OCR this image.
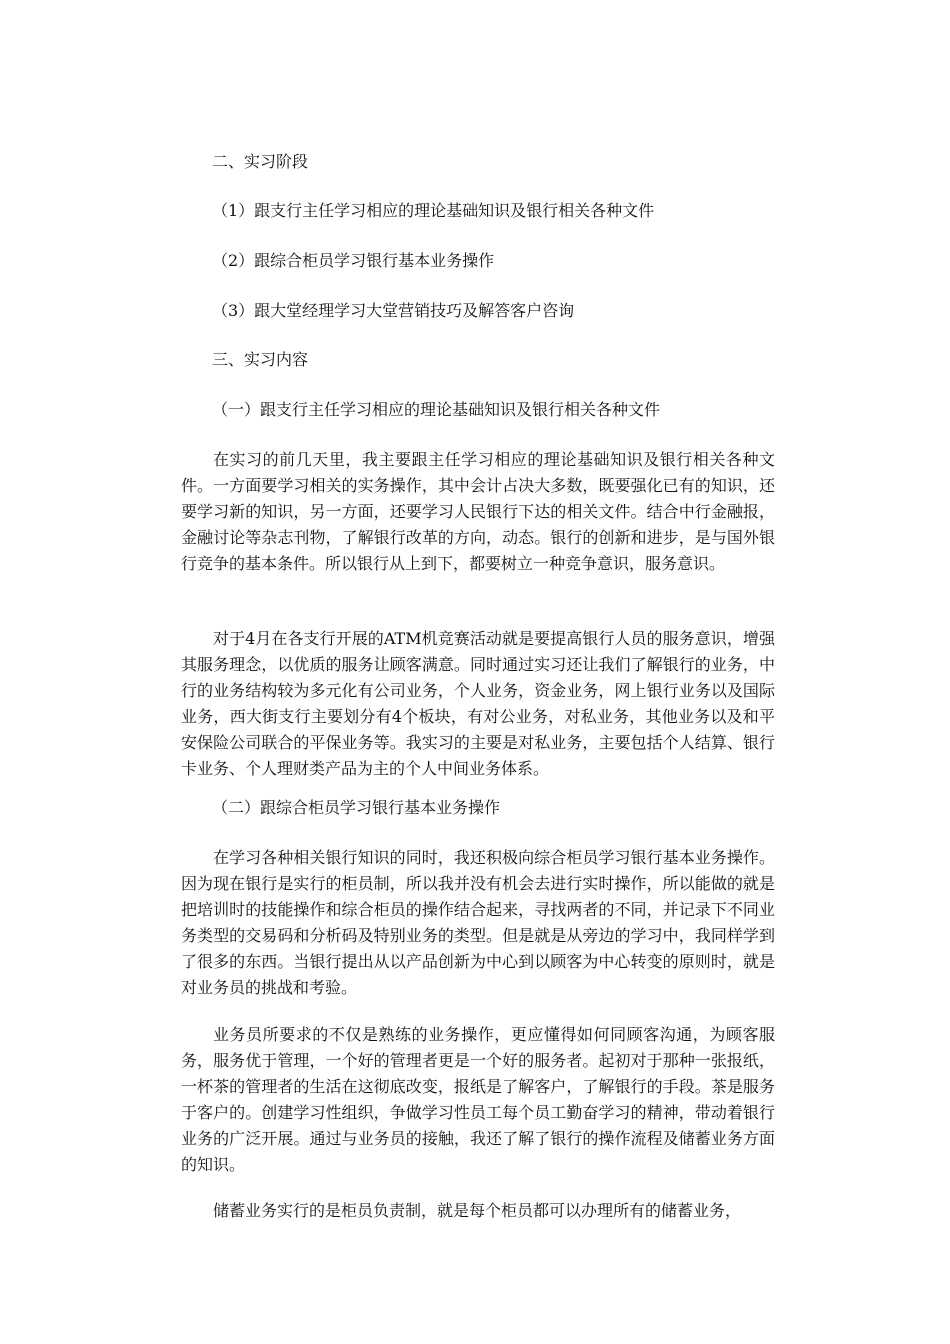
二、实习阶段
（1）跟支行主任学习相应的理论基础知识及银行相关各种文件
（2）跟综合柜员学习银行基本业务操作
（3）跟大堂经理学习大堂营销技巧及解答客户咨询
三、实习内容
（一）跟支行主任学习相应的理论基础知识及银行相关各种文件
在实习的前几天里，我主要跟主任学习相应的理论基础知识及银行相关各种文件。一方面要学习相关的实务操作，其中会计占决大多数，既要强化已有的知识，还要学习新的知识，另一方面，还要学习人民银行下达的相关文件。结合中行金融报，金融讨论等杂志刊物，了解银行改革的方向，动态。银行的创新和进步，是与国外银行竞争的基本条件。所以银行从上到下，都要树立一种竞争意识，服务意识。
对于4月在各支行开展的ATM机竞赛活动就是要提高银行人员的服务意识，增强其服务理念，以优质的服务让顾客满意。同时通过实习还让我们了解银行的业务，中行的业务结构较为多元化有公司业务，个人业务，资金业务，网上银行业务以及国际业务，西大街支行主要划分有4个板块，有对公业务，对私业务，其他业务以及和平安保险公司联合的平保业务等。我实习的主要是对私业务，主要包括个人结算、银行卡业务、个人理财类产品为主的个人中间业务体系。
（二）跟综合柜员学习银行基本业务操作
在学习各种相关银行知识的同时，我还积极向综合柜员学习银行基本业务操作。因为现在银行是实行的柜员制，所以我并没有机会去进行实时操作，所以能做的就是把培训时的技能操作和综合柜员的操作结合起来，寻找两者的不同，并记录下不同业务类型的交易码和分析码及特别业务的类型。但是就是从旁边的学习中，我同样学到了很多的东西。当银行提出从以产品创新为中心到以顾客为中心转变的原则时，就是对业务员的挑战和考验。
业务员所要求的不仅是熟练的业务操作，更应懂得如何同顾客沟通，为顾客服务，服务优于管理，一个好的管理者更是一个好的服务者。起初对于那种一张报纸，一杯茶的管理者的生活在这彻底改变，报纸是了解客户，了解银行的手段。茶是服务于客户的。创建学习性组织，争做学习性员工每个员工勤奋学习的精神，带动着银行业务的广泛开展。通过与业务员的接触，我还了解了银行的操作流程及储蓄业务方面的知识。
储蓄业务实行的是柜员负责制，就是每个柜员都可以办理所有的储蓄业务，
